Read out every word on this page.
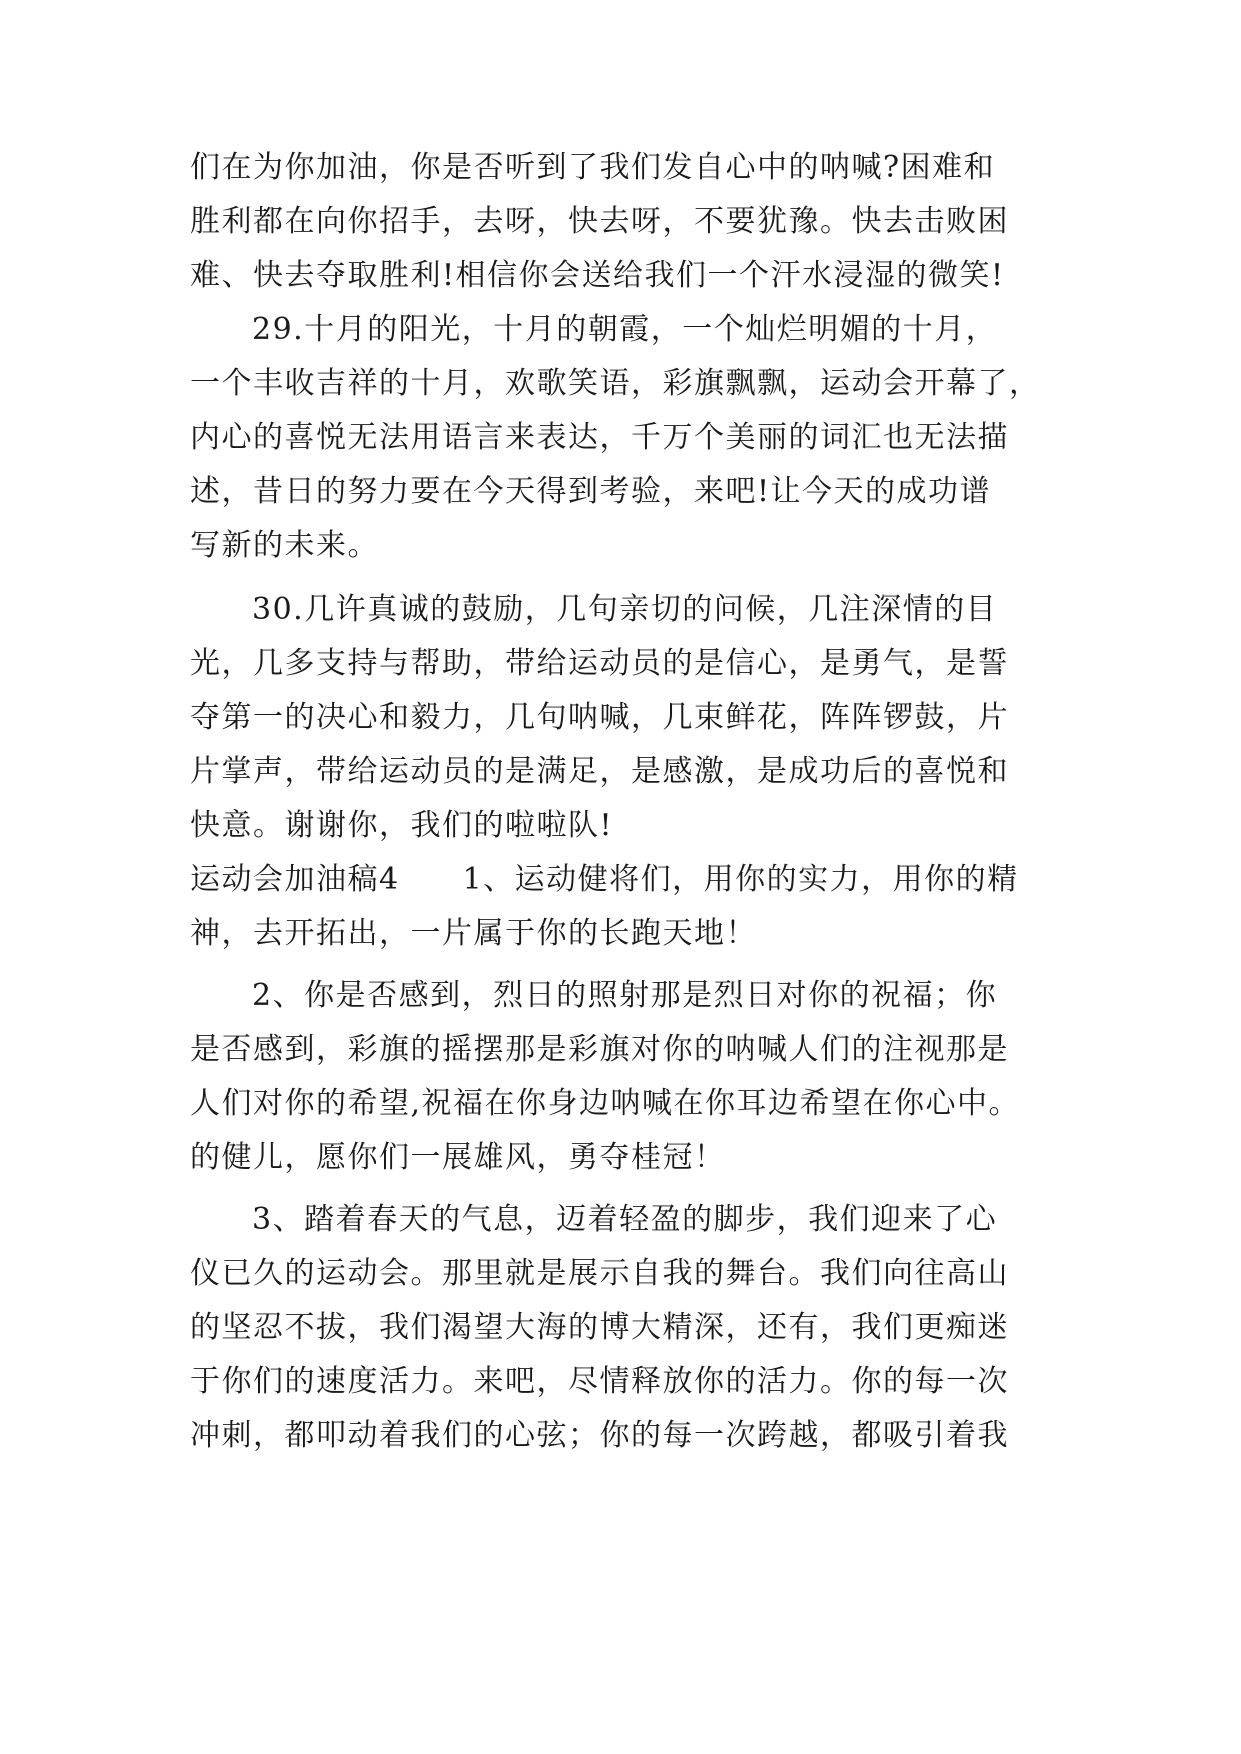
们在为你加油，你是否听到了我们发自心中的呐喊?困难和
胜利都在向你招手，去呀，快去呀，不要犹豫。快去击败困
难、快去夺取胜利!相信你会送给我们一个汗水浸湿的微笑!
29.十月的阳光，十月的朝霞，一个灿烂明媚的十月，
一个丰收吉祥的十月，欢歌笑语，彩旗飘飘，运动会开幕了，
内心的喜悦无法用语言来表达，千万个美丽的词汇也无法描
述，昔日的努力要在今天得到考验，来吧!让今天的成功谱
写新的未来。
30.几许真诚的鼓励，几句亲切的问候，几注深情的目
光，几多支持与帮助，带给运动员的是信心，是勇气，是誓
夺第一的决心和毅力，几句呐喊，几束鲜花，阵阵锣鼓，片
片掌声，带给运动员的是满足，是感激，是成功后的喜悦和
快意。谢谢你，我们的啦啦队!
运动会加油稿4　　1、运动健将们，用你的实力，用你的精
神，去开拓出，一片属于你的长跑天地！
2、你是否感到，烈日的照射那是烈日对你的祝福；你
是否感到，彩旗的摇摆那是彩旗对你的呐喊人们的注视那是
人们对你的希望,祝福在你身边呐喊在你耳边希望在你心中。
的健儿，愿你们一展雄风，勇夺桂冠！
3、踏着春天的气息，迈着轻盈的脚步，我们迎来了心
仪已久的运动会。那里就是展示自我的舞台。我们向往高山
的坚忍不拔，我们渴望大海的博大精深，还有，我们更痴迷
于你们的速度活力。来吧，尽情释放你的活力。你的每一次
冲刺，都叩动着我们的心弦；你的每一次跨越，都吸引着我
